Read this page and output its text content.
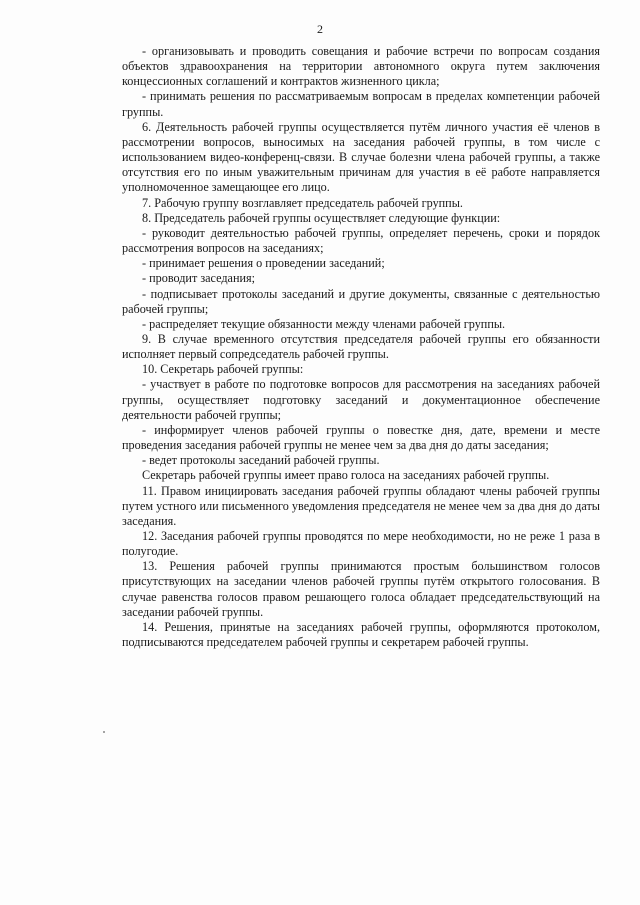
2

- организовывать и проводить совещания и рабочие встречи по вопросам создания объектов здравоохранения на территории автономного округа путем заключения концессионных соглашений и контрактов жизненного цикла;

- принимать решения по рассматриваемым вопросам в пределах компетенции рабочей группы.

6. Деятельность рабочей группы осуществляется путём личного участия её членов в рассмотрении вопросов, выносимых на заседания рабочей группы, в том числе с использованием видео-конференц-связи. В случае болезни члена рабочей группы, а также отсутствия его по иным уважительным причинам для участия в её работе направляется уполномоченное замещающее его лицо.

7. Рабочую группу возглавляет председатель рабочей группы.

8. Председатель рабочей группы осуществляет следующие функции:

- руководит деятельностью рабочей группы, определяет перечень, сроки и порядок рассмотрения вопросов на заседаниях;

- принимает решения о проведении заседаний;

- проводит заседания;

- подписывает протоколы заседаний и другие документы, связанные с деятельностью рабочей группы;

- распределяет текущие обязанности между членами рабочей группы.

9. В случае временного отсутствия председателя рабочей группы его обязанности исполняет первый сопредседатель рабочей группы.

10. Секретарь рабочей группы:

- участвует в работе по подготовке вопросов для рассмотрения на заседаниях рабочей группы, осуществляет подготовку заседаний и документационное обеспечение деятельности рабочей группы;

- информирует членов рабочей группы о повестке дня, дате, времени и месте проведения заседания рабочей группы не менее чем за два дня до даты заседания;

- ведет протоколы заседаний рабочей группы.

Секретарь рабочей группы имеет право голоса на заседаниях рабочей группы.

11. Правом инициировать заседания рабочей группы обладают члены рабочей группы путем устного или письменного уведомления председателя не менее чем за два дня до даты заседания.

12. Заседания рабочей группы проводятся по мере необходимости, но не реже 1 раза в полугодие.

13. Решения рабочей группы принимаются простым большинством голосов присутствующих на заседании членов рабочей группы путём открытого голосования. В случае равенства голосов правом решающего голоса обладает председательствующий на заседании рабочей группы.

14. Решения, принятые на заседаниях рабочей группы, оформляются протоколом, подписываются председателем рабочей группы и секретарем рабочей группы.
